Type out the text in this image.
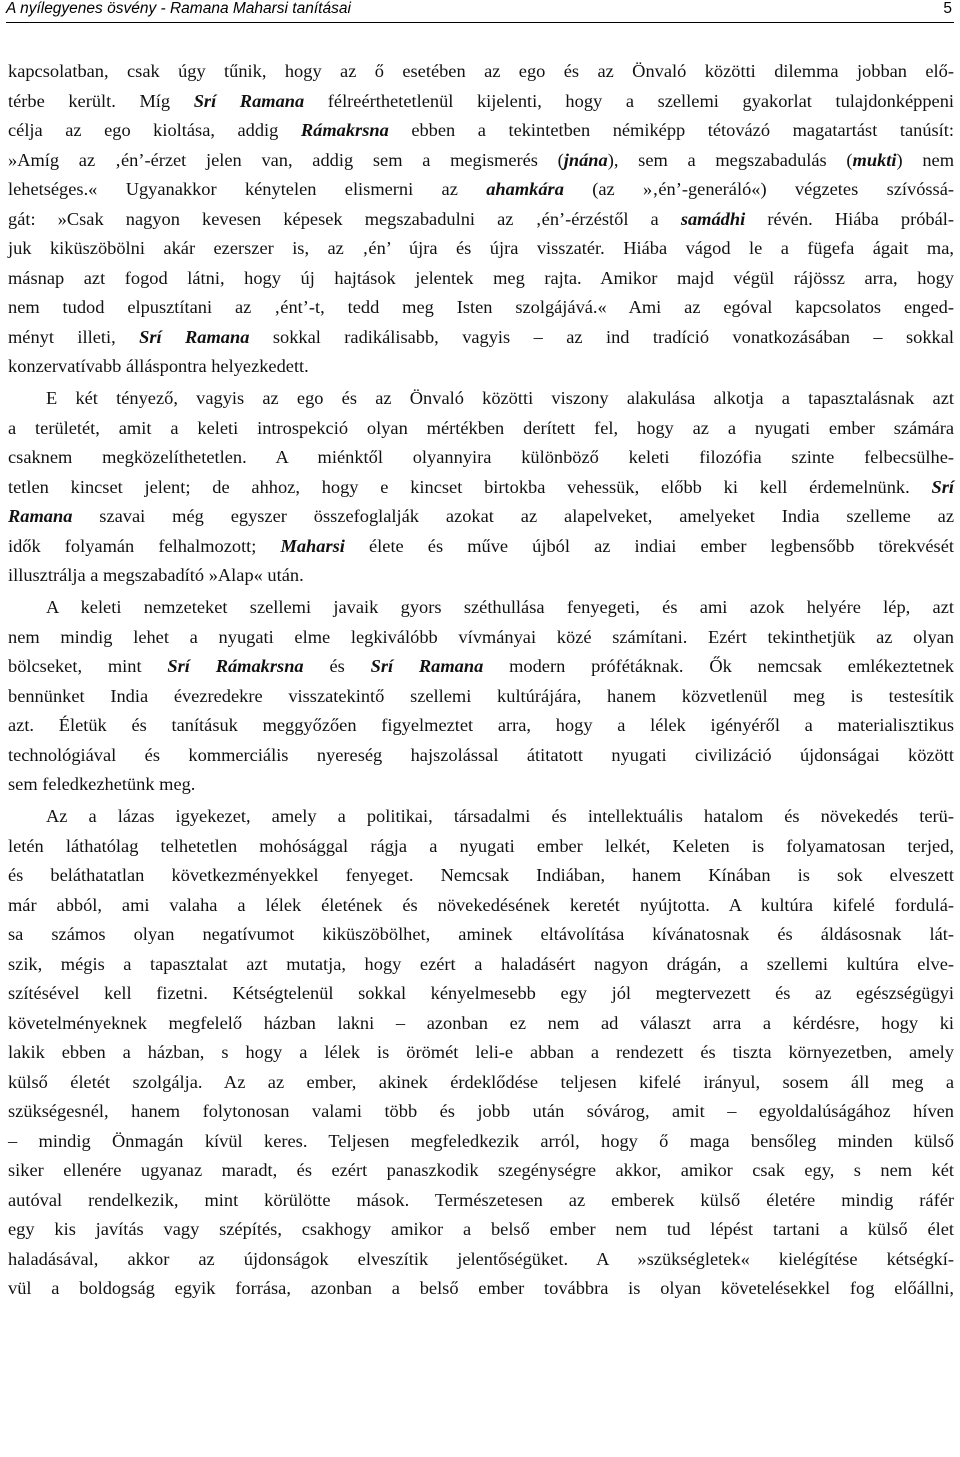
A nyílegyenes ösvény - Ramana Maharsi tanításai	5
kapcsolatban, csak úgy tűnik, hogy az ő esetében az ego és az Önvaló közötti dilemma jobban elő-
térbe került. Míg Srí Ramana félreérthetetlenül kijelenti, hogy a szellemi gyakorlat tulajdonképpeni
célja az ego kioltása, addig Rámakrsna ebben a tekintetben némiképp tétovázó magatartást tanúsít:
»Amíg az ‚én’-érzet jelen van, addig sem a megismerés (jnána), sem a megszabadulás (mukti) nem
lehetséges.« Ugyanakkor kénytelen elismerni az ahamkára (az »‚én’-generáló«) végzetes szívóssá-
gát: »Csak nagyon kevesen képesek megszabadulni az ‚én’-érzéstől a samádhi révén. Hiába próbál-
juk kiküszöbölni akár ezerszer is, az ‚én’ újra és újra visszatér. Hiába vágod le a fügefa ágait ma,
másnap azt fogod látni, hogy új hajtások jelentek meg rajta. Amikor majd végül rájössz arra, hogy
nem tudod elpusztítani az ‚ént’-t, tedd meg Isten szolgájává.« Ami az egóval kapcsolatos enged-
ményt illeti, Srí Ramana sokkal radikálisabb, vagyis – az ind tradíció vonatkozásában – sokkal
konzervatívabb álláspontra helyezkedett.
E két tényező, vagyis az ego és az Önvaló közötti viszony alakulása alkotja a tapasztalásnak azt
a területét, amit a keleti introspekció olyan mértékben derített fel, hogy az a nyugati ember számára
csaknem megközelíthetetlen. A miénktől olyannyira különböző keleti filozófia szinte felbecsülhe-
tetlen kincset jelent; de ahhoz, hogy e kincset birtokba vehessük, előbb ki kell érdemelnünk. Srí
Ramana szavai még egyszer összefoglalják azokat az alapelveket, amelyeket India szelleme az
idők folyamán felhalmozott; Maharsi élete és műve újból az indiai ember legbensőbb törekvését
illusztrálja a megszabadító »Alap« után.
A keleti nemzeteket szellemi javaik gyors széthullása fenyegeti, és ami azok helyére lép, azt
nem mindig lehet a nyugati elme legkiválóbb vívmányai közé számítani. Ezért tekinthetjük az olyan
bölcseket, mint Srí Rámakrsna és Srí Ramana modern prófétáknak. Ők nemcsak emlékeztetnek
bennünket India évezredekre visszatekintő szellemi kultúrájára, hanem közvetlenül meg is testesítik
azt. Életük és tanításuk meggyőzően figyelmeztet arra, hogy a lélek igényéről a materialisztikus
technológiával és kommerciális nyereség hajszolással átitatott nyugati civilizáció újdonságai között
sem feledkezhetünk meg.
Az a lázas igyekezet, amely a politikai, társadalmi és intellektuális hatalom és növekedés terü-
letén láthatólag telhetetlen mohósággal rágja a nyugati ember lelkét, Keleten is folyamatosan terjed,
és beláthatatlan következményekkel fenyeget. Nemcsak Indiában, hanem Kínában is sok elveszett
már abból, ami valaha a lélek életének és növekedésének keretét nyújtotta. A kultúra kifelé fordulá-
sa számos olyan negatívumot kiküszöbölhet, aminek eltávolítása kívánatosnak és áldásosnak lát-
szik, mégis a tapasztalat azt mutatja, hogy ezért a haladásért nagyon drágán, a szellemi kultúra elve-
szítésével kell fizetni. Kétségtelenül sokkal kényelmesebb egy jól megtervezett és az egészségügyi
követelményeknek megfelelő házban lakni – azonban ez nem ad választ arra a kérdésre, hogy ki
lakik ebben a házban, s hogy a lélek is örömét leli-e abban a rendezett és tiszta környezetben, amely
külső életét szolgálja. Az az ember, akinek érdeklődése teljesen kifelé irányul, sosem áll meg a
szükségesnél, hanem folytonosan valami több és jobb után sóvárog, amit – egyoldalúságához híven
– mindig Önmagán kívül keres. Teljesen megfeledkezik arról, hogy ő maga bensőleg minden külső
siker ellenére ugyanaz maradt, és ezért panaszkodik szegénységre akkor, amikor csak egy, s nem két
autóval rendelkezik, mint körülötte mások. Természetesen az emberek külső életére mindig ráfér
egy kis javítás vagy szépítés, csakhogy amikor a belső ember nem tud lépést tartani a külső élet
haladásával, akkor az újdonságok elveszítik jelentőségüket. A »szükségletek« kielégítése kétségkí-
vül a boldogság egyik forrása, azonban a belső ember továbbra is olyan követelésekkel fog előállni,
